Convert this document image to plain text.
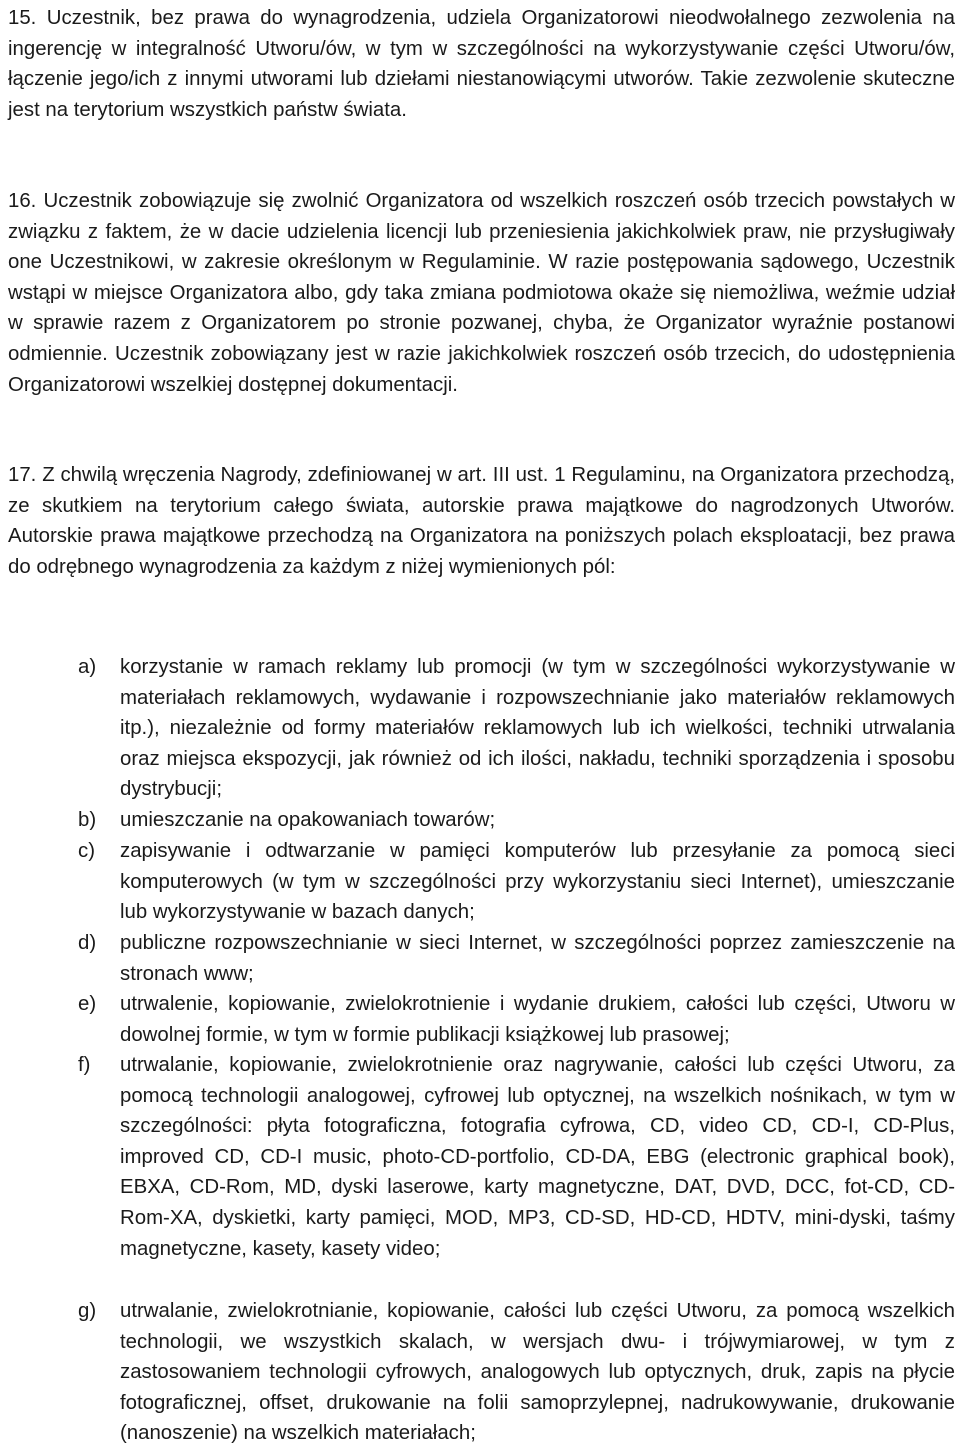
15. Uczestnik, bez prawa do wynagrodzenia, udziela Organizatorowi nieodwołalnego zezwolenia na ingerencję w integralność Utworu/ów, w tym w szczególności na wykorzystywanie części Utworu/ów, łączenie jego/ich z innymi utworami lub dziełami niestanowiącymi utworów. Takie zezwolenie skuteczne jest na terytorium wszystkich państw świata.

16. Uczestnik zobowiązuje się zwolnić Organizatora od wszelkich roszczeń osób trzecich powstałych w związku z faktem, że w dacie udzielenia licencji lub przeniesienia jakichkolwiek praw, nie przysługiwały one Uczestnikowi, w zakresie określonym w Regulaminie. W razie postępowania sądowego, Uczestnik wstąpi w miejsce Organizatora albo, gdy taka zmiana podmiotowa okaże się niemożliwa, weźmie udział w sprawie razem z Organizatorem po stronie pozwanej, chyba, że Organizator wyraźnie postanowi odmiennie. Uczestnik zobowiązany jest w razie jakichkolwiek roszczeń osób trzecich, do udostępnienia Organizatorowi wszelkiej dostępnej dokumentacji.

17. Z chwilą wręczenia Nagrody, zdefiniowanej w art. III ust. 1 Regulaminu, na Organizatora przechodzą, ze skutkiem na terytorium całego świata, autorskie prawa majątkowe do nagrodzonych Utworów. Autorskie prawa majątkowe przechodzą na Organizatora na poniższych polach eksploatacji, bez prawa do odrębnego wynagrodzenia za każdym z niżej wymienionych pól:

a) korzystanie w ramach reklamy lub promocji (w tym w szczególności wykorzystywanie w materiałach reklamowych, wydawanie i rozpowszechnianie jako materiałów reklamowych itp.), niezależnie od formy materiałów reklamowych lub ich wielkości, techniki utrwalania oraz miejsca ekspozycji, jak również od ich ilości, nakładu, techniki sporządzenia i sposobu dystrybucji;

b) umieszczanie na opakowaniach towarów;

c) zapisywanie i odtwarzanie w pamięci komputerów lub przesyłanie za pomocą sieci komputerowych (w tym w szczególności przy wykorzystaniu sieci Internet), umieszczanie lub wykorzystywanie w bazach danych;

d) publiczne rozpowszechnianie w sieci Internet, w szczególności poprzez zamieszczenie na stronach www;

e) utrwalenie, kopiowanie, zwielokrotnienie i wydanie drukiem, całości lub części, Utworu w dowolnej formie, w tym w formie publikacji książkowej lub prasowej;

f) utrwalanie, kopiowanie, zwielokrotnienie oraz nagrywanie, całości lub części Utworu, za pomocą technologii analogowej, cyfrowej lub optycznej, na wszelkich nośnikach, w tym w szczególności: płyta fotograficzna, fotografia cyfrowa, CD, video CD, CD-I, CD-Plus, improved CD, CD-I music, photo-CD-portfolio, CD-DA, EBG (electronic graphical book), EBXA, CD-Rom, MD, dyski laserowe, karty magnetyczne, DAT, DVD, DCC, fot-CD, CD-Rom-XA, dyskietki, karty pamięci, MOD, MP3, CD-SD, HD-CD, HDTV, mini-dyski, taśmy magnetyczne, kasety, kasety video;

g) utrwalanie, zwielokrotnianie, kopiowanie, całości lub części Utworu, za pomocą wszelkich technologii, we wszystkich skalach, w wersjach dwu- i trójwymiarowej, w tym z zastosowaniem technologii cyfrowych, analogowych lub optycznych, druk, zapis na płycie fotograficznej, offset, drukowanie na folii samoprzylepnej, nadrukowywanie, drukowanie (nanoszenie) na wszelkich materiałach;
